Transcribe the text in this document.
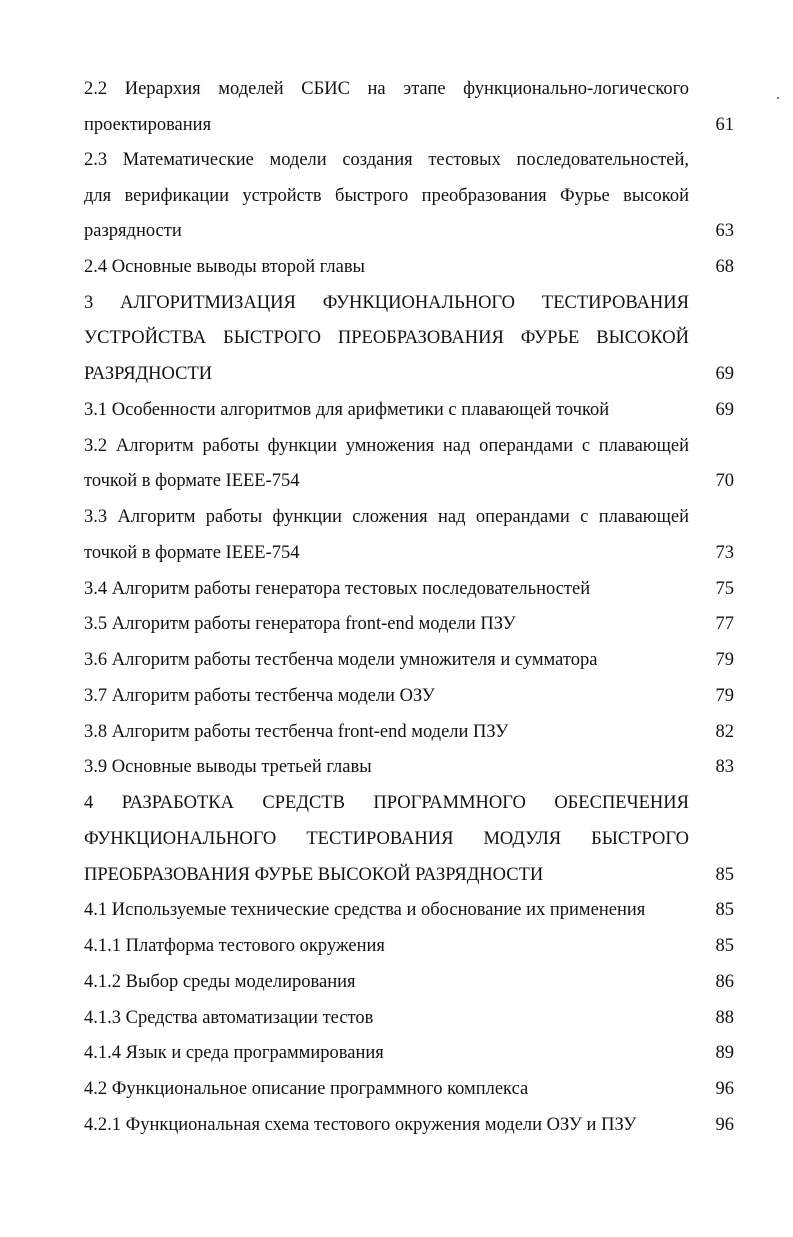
2.2 Иерархия моделей СБИС на этапе функционально-логического
проектирования	61
2.3 Математические модели создания тестовых последовательностей,
для верификации устройств быстрого преобразования Фурье высокой
разрядности	63
2.4 Основные выводы второй главы	68
3 АЛГОРИТМИЗАЦИЯ ФУНКЦИОНАЛЬНОГО ТЕСТИРОВАНИЯ
УСТРОЙСТВА БЫСТРОГО ПРЕОБРАЗОВАНИЯ ФУРЬЕ ВЫСОКОЙ
РАЗРЯДНОСТИ	69
3.1 Особенности алгоритмов для арифметики с плавающей точкой	69
3.2 Алгоритм работы функции умножения над операндами с плавающей
точкой в формате IEEE-754	70
3.3 Алгоритм работы функции сложения над операндами с плавающей
точкой в формате IEEE-754	73
3.4 Алгоритм работы генератора тестовых последовательностей	75
3.5 Алгоритм работы генератора front-end модели ПЗУ	77
3.6 Алгоритм работы тестбенча модели умножителя и сумматора	79
3.7 Алгоритм работы тестбенча модели ОЗУ	79
3.8 Алгоритм работы тестбенча front-end модели ПЗУ	82
3.9 Основные выводы третьей главы	83
4 РАЗРАБОТКА СРЕДСТВ ПРОГРАММНОГО ОБЕСПЕЧЕНИЯ
ФУНКЦИОНАЛЬНОГО ТЕСТИРОВАНИЯ МОДУЛЯ БЫСТРОГО
ПРЕОБРАЗОВАНИЯ ФУРЬЕ ВЫСОКОЙ РАЗРЯДНОСТИ	85
4.1 Используемые технические средства и обоснование их применения	85
4.1.1 Платформа тестового окружения	85
4.1.2 Выбор среды моделирования	86
4.1.3 Средства автоматизации тестов	88
4.1.4 Язык и среда программирования	89
4.2 Функциональное описание программного комплекса	96
4.2.1 Функциональная схема тестового окружения модели ОЗУ и ПЗУ	96
